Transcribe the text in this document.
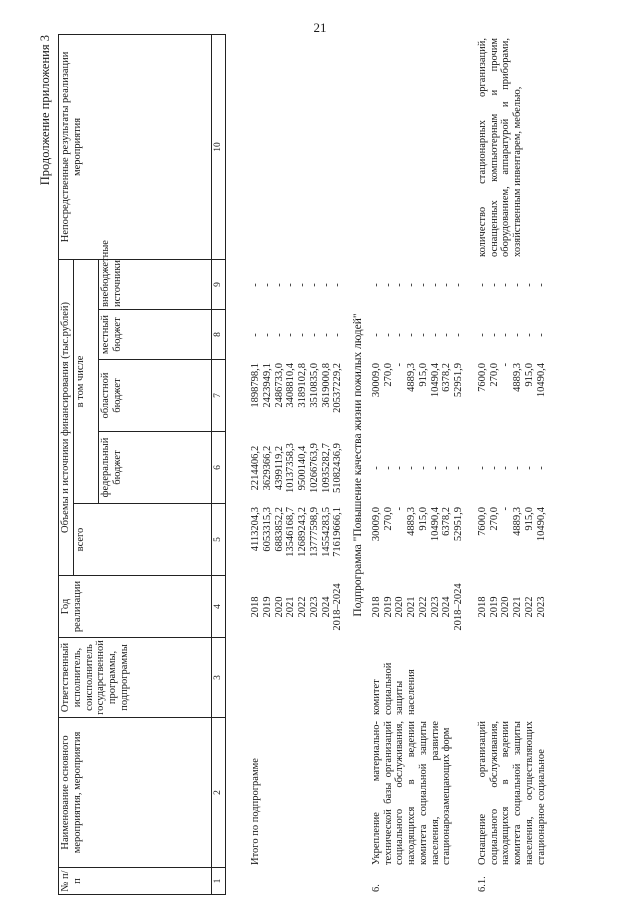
21
Продолжение приложения 3
№ п/п	Наименование основного мероприятия, мероприятия	Ответственный исполнитель, соисполнитель государственной программы, подпрограммы	Год реализации	Объемы и источники финансирования (тыс.рублей)					Непосредственные результаты реализации мероприятия
				всего	в том числе				
					федеральный бюджет	областной бюджет	местный бюджет	внебюджетные источники	
1	2	3	4	5	6	7	8	9	10
	Итого по подпрограмме		2018	4113204,3	2214406,2	1898798,1	-	-	
			2019	6053315,3	3629366,2	2423949,1	-	-	
			2020	6883852,2	4399119,2	2486733,0	-	-	
			2021	13546168,7	10137358,3	3408810,4	-	-	
			2022	12689243,2	9500140,4	3189102,8	-	-	
			2023	13777598,9	10266763,9	3510835,0	-	-	
			2024	14554283,5	10935282,7	3619000,8	-	-	
			2018–2024	71619666,1	51082436,9	20537229,2	-	-	
Подпрограмма "Повышение качества жизни пожилых людей"									
6.	Укрепление материально-технической базы организаций социального обслуживания, находящихся в ведении комитета социальной защиты населения, развитие стационарозамещающих форм	комитет социальной защиты населения	2018	30009,0	-	30009,0	-	-	
			2019	270,0	-	270,0	-	-	
			2020	-	-	-	-	-	
			2021	4889,3	-	4889,3	-	-	
			2022	915,0	-	915,0	-	-	
			2023	10490,4	-	10490,4	-	-	
			2024	6378,2	-	6378,2	-	-	
			2018–2024	52951,9	-	52951,9	-	-	

6.1.	Оснащение организаций социального обслуживания, находящихся в ведении комитета социальной защиты населения, осуществляющих стационарное социальное		2018	7600,0	-	7600,0	-	-	количество стационарных организаций, оснащенных компьютерным и прочим оборудованием, аппаратурой и приборами, хозяйственным инвентарем, мебелью,
			2019	270,0	-	270,0	-	-	
			2020	-	-	-	-	-	
			2021	4889,3	-	4889,3	-	-	
			2022	915,0	-	915,0	-	-	
			2023	10490,4	-	10490,4	-	-	
